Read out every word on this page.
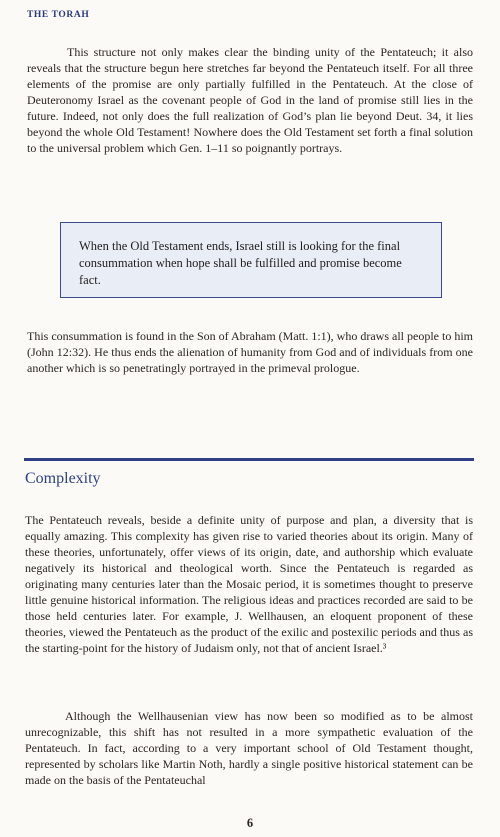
THE TORAH

This structure not only makes clear the binding unity of the Pentateuch; it also reveals that the structure begun here stretches far beyond the Pentateuch itself. For all three elements of the promise are only partially fulfilled in the Pentateuch. At the close of Deuteronomy Israel as the covenant people of God in the land of promise still lies in the future. Indeed, not only does the full realization of God’s plan lie beyond Deut. 34, it lies beyond the whole Old Testament! Nowhere does the Old Testament set forth a final solution to the universal problem which Gen. 1–11 so poignantly portrays.

When the Old Testament ends, Israel still is looking for the final consummation when hope shall be fulfilled and promise become fact.

This consummation is found in the Son of Abraham (Matt. 1:1), who draws all people to him (John 12:32). He thus ends the alienation of humanity from God and of individuals from one another which is so penetratingly portrayed in the primeval prologue.

Complexity

The Pentateuch reveals, beside a definite unity of purpose and plan, a diversity that is equally amazing. This complexity has given rise to varied theories about its origin. Many of these theories, unfortunately, offer views of its origin, date, and authorship which evaluate negatively its historical and theological worth. Since the Pentateuch is regarded as originating many centuries later than the Mosaic period, it is sometimes thought to preserve little genuine historical information. The religious ideas and practices recorded are said to be those held centuries later. For example, J. Wellhausen, an eloquent proponent of these theories, viewed the Pentateuch as the product of the exilic and postexilic periods and thus as the starting-point for the history of Judaism only, not that of ancient Israel.³

Although the Wellhausenian view has now been so modified as to be almost unrecognizable, this shift has not resulted in a more sympathetic evaluation of the Pentateuch. In fact, according to a very important school of Old Testament thought, represented by scholars like Martin Noth, hardly a single positive historical statement can be made on the basis of the Pentateuchal

6
